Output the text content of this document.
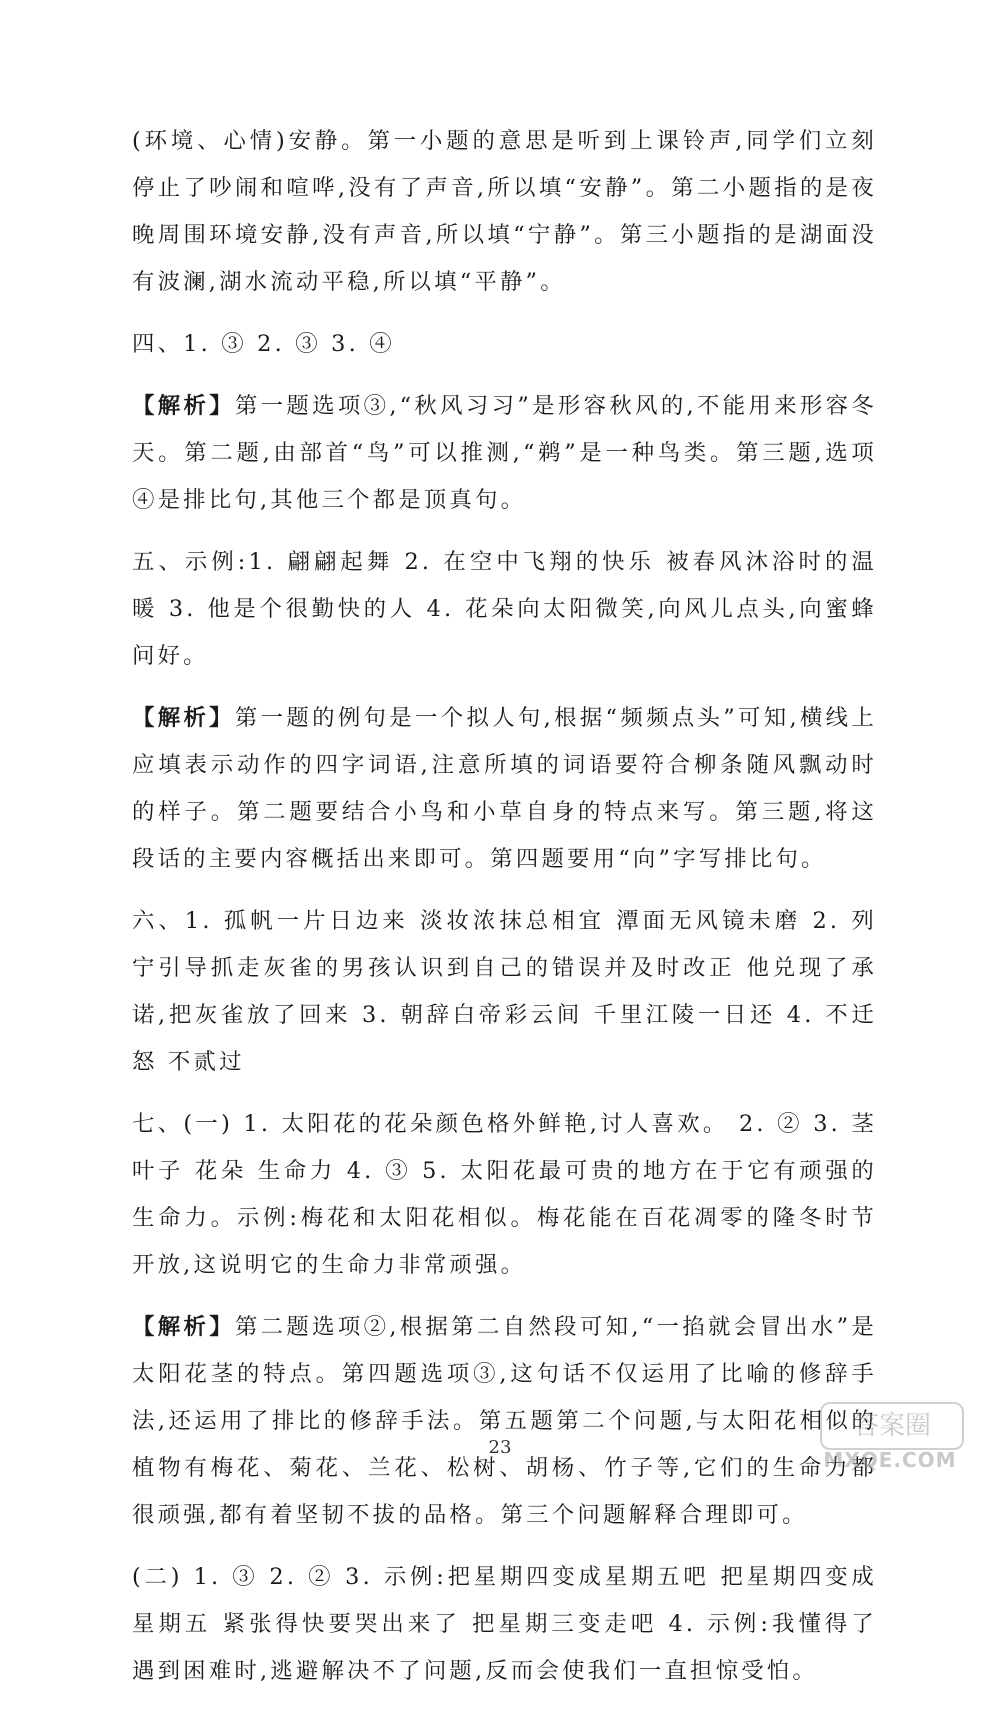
(环境、心情)安静。第一小题的意思是听到上课铃声,同学们立刻停止了吵闹和喧哗,没有了声音,所以填“安静”。第二小题指的是夜晚周围环境安静,没有声音,所以填“宁静”。第三小题指的是湖面没有波澜,湖水流动平稳,所以填“平静”。

四、1. ③ 2. ③ 3. ④

【解析】第一题选项③,“秋风习习”是形容秋风的,不能用来形容冬天。第二题,由部首“鸟”可以推测,“鹈”是一种鸟类。第三题,选项④是排比句,其他三个都是顶真句。

五、示例:1. 翩翩起舞 2. 在空中飞翔的快乐 被春风沐浴时的温暖 3. 他是个很勤快的人 4. 花朵向太阳微笑,向风儿点头,向蜜蜂问好。

【解析】第一题的例句是一个拟人句,根据“频频点头”可知,横线上应填表示动作的四字词语,注意所填的词语要符合柳条随风飘动时的样子。第二题要结合小鸟和小草自身的特点来写。第三题,将这段话的主要内容概括出来即可。第四题要用“向”字写排比句。

六、1. 孤帆一片日边来 淡妆浓抹总相宜 潭面无风镜未磨 2. 列宁引导抓走灰雀的男孩认识到自己的错误并及时改正 他兑现了承诺,把灰雀放了回来 3. 朝辞白帝彩云间 千里江陵一日还 4. 不迁怒 不贰过

七、(一) 1. 太阳花的花朵颜色格外鲜艳,讨人喜欢。 2. ② 3. 茎叶子 花朵 生命力 4. ③ 5. 太阳花最可贵的地方在于它有顽强的生命力。示例:梅花和太阳花相似。梅花能在百花凋零的隆冬时节开放,这说明它的生命力非常顽强。

【解析】第二题选项②,根据第二自然段可知,“一掐就会冒出水”是太阳花茎的特点。第四题选项③,这句话不仅运用了比喻的修辞手法,还运用了排比的修辞手法。第五题第二个问题,与太阳花相似的植物有梅花、菊花、兰花、松树、胡杨、竹子等,它们的生命力都很顽强,都有着坚韧不拔的品格。第三个问题解释合理即可。

(二) 1. ③ 2. ② 3. 示例:把星期四变成星期五吧 把星期四变成星期五 紧张得快要哭出来了 把星期三变走吧 4. 示例:我懂得了遇到困难时,逃避解决不了问题,反而会使我们一直担惊受怕。

23
答案圈
MXQE.COM
